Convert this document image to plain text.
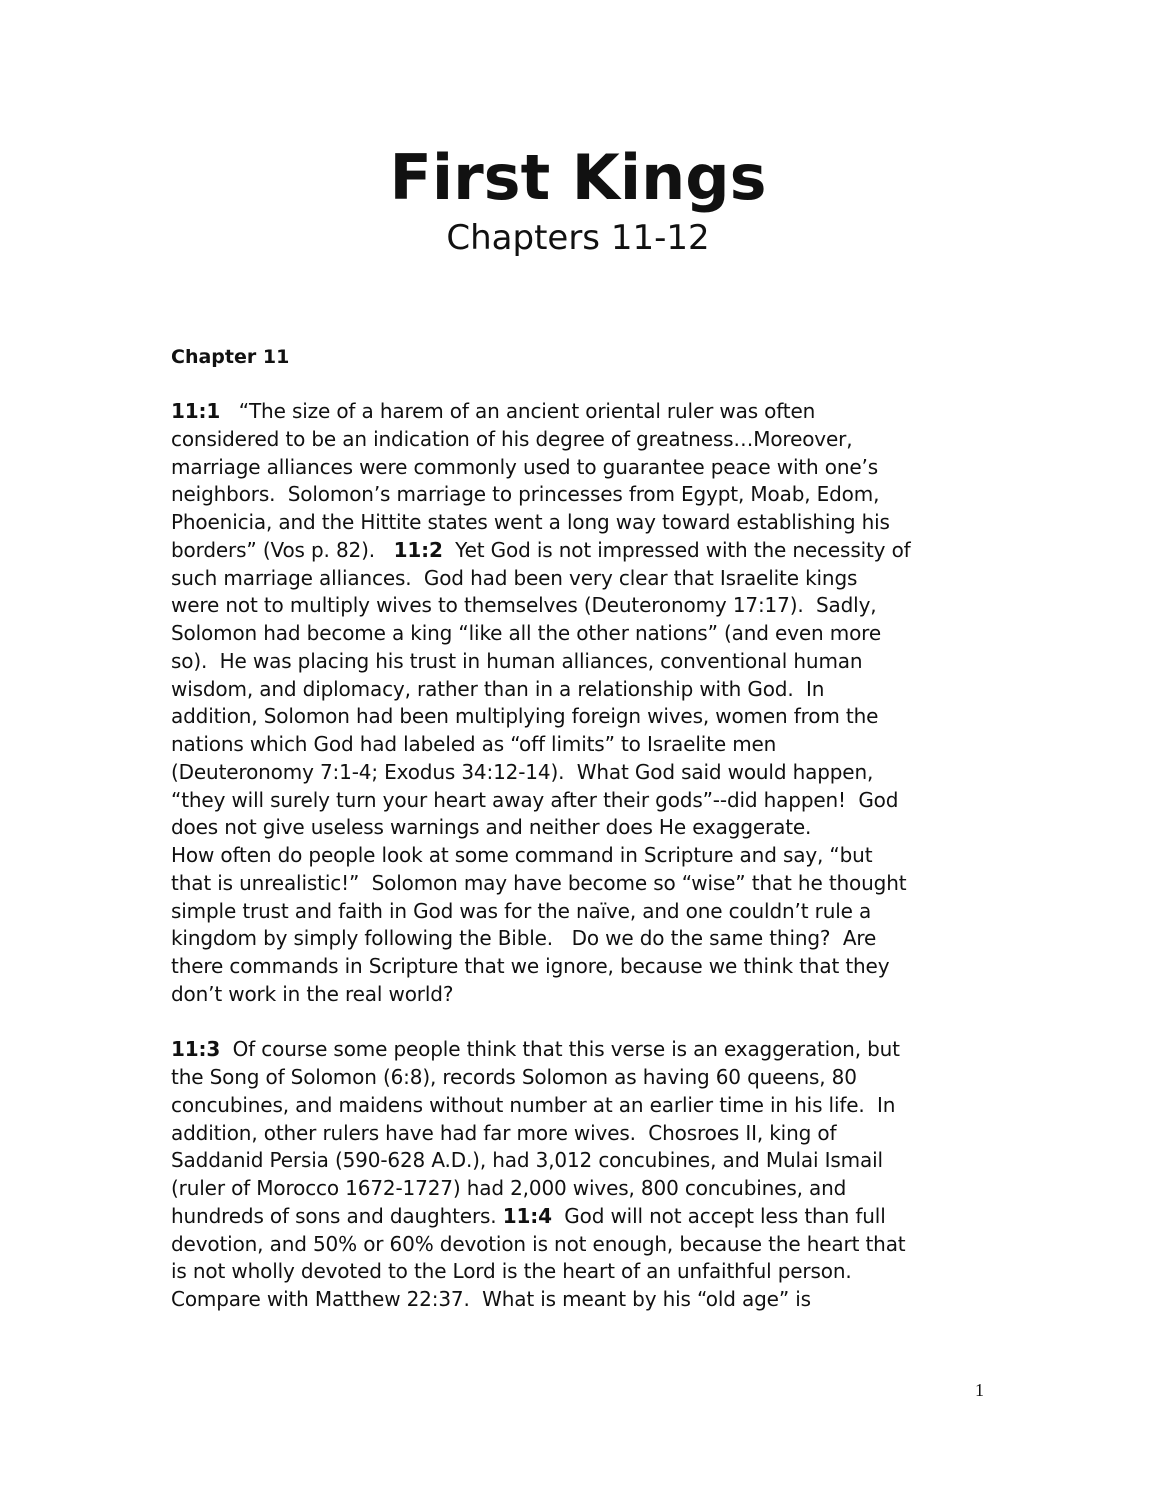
First Kings
Chapters 11-12
Chapter 11
11:1   “The size of a harem of an ancient oriental ruler was often
considered to be an indication of his degree of greatness…Moreover,
marriage alliances were commonly used to guarantee peace with one’s
neighbors.  Solomon’s marriage to princesses from Egypt, Moab, Edom,
Phoenicia, and the Hittite states went a long way toward establishing his
borders” (Vos p. 82).   11:2  Yet God is not impressed with the necessity of
such marriage alliances.  God had been very clear that Israelite kings
were not to multiply wives to themselves (Deuteronomy 17:17).  Sadly,
Solomon had become a king “like all the other nations” (and even more
so).  He was placing his trust in human alliances, conventional human
wisdom, and diplomacy, rather than in a relationship with God.  In
addition, Solomon had been multiplying foreign wives, women from the
nations which God had labeled as “off limits” to Israelite men
(Deuteronomy 7:1-4; Exodus 34:12-14).  What God said would happen,
“they will surely turn your heart away after their gods”--did happen!  God
does not give useless warnings and neither does He exaggerate.
How often do people look at some command in Scripture and say, “but
that is unrealistic!”  Solomon may have become so “wise” that he thought
simple trust and faith in God was for the naïve, and one couldn’t rule a
kingdom by simply following the Bible.   Do we do the same thing?  Are
there commands in Scripture that we ignore, because we think that they
don’t work in the real world?
11:3  Of course some people think that this verse is an exaggeration, but
the Song of Solomon (6:8), records Solomon as having 60 queens, 80
concubines, and maidens without number at an earlier time in his life.  In
addition, other rulers have had far more wives.  Chosroes II, king of
Saddanid Persia (590-628 A.D.), had 3,012 concubines, and Mulai Ismail
(ruler of Morocco 1672-1727) had 2,000 wives, 800 concubines, and
hundreds of sons and daughters. 11:4  God will not accept less than full
devotion, and 50% or 60% devotion is not enough, because the heart that
is not wholly devoted to the Lord is the heart of an unfaithful person.
Compare with Matthew 22:37.  What is meant by his “old age” is
1
